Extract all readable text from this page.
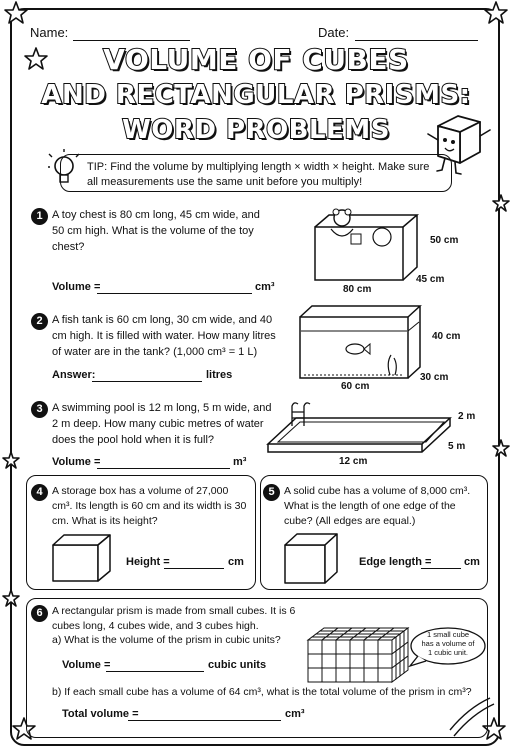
Name:	Date:
VOLUME OF CUBES
AND RECTANGULAR PRISMS:
WORD PROBLEMS
TIP: Find the volume by multiplying length × width × height. Make sure all measurements use the same unit before you multiply!
1 A toy chest is 80 cm long, 45 cm wide, and 50 cm high. What is the volume of the toy chest?
Volume =	cm³
50 cm
45 cm
80 cm
2 A fish tank is 60 cm long, 30 cm wide, and 40 cm high. It is filled with water. How many litres of water are in the tank? (1,000 cm³ = 1 L)
Answer:	litres
40 cm
30 cm
60 cm
3 A swimming pool is 12 m long, 5 m wide, and 2 m deep. How many cubic metres of water does the pool hold when it is full?
Volume =	m³
2 m
5 m
12 cm
4 A storage box has a volume of 27,000 cm³. Its length is 60 cm and its width is 30 cm. What is its height?
Height =	cm
5 A solid cube has a volume of 8,000 cm³. What is the length of one edge of the cube? (All edges are equal.)
Edge length =	cm
6 A rectangular prism is made from small cubes. It is 6 cubes long, 4 cubes wide, and 3 cubes high.
a) What is the volume of the prism in cubic units?
Volume =	cubic units
b) If each small cube has a volume of 64 cm³, what is the total volume of the prism in cm³?
Total volume =	cm³
1 small cube has a volume of 1 cubic unit.
